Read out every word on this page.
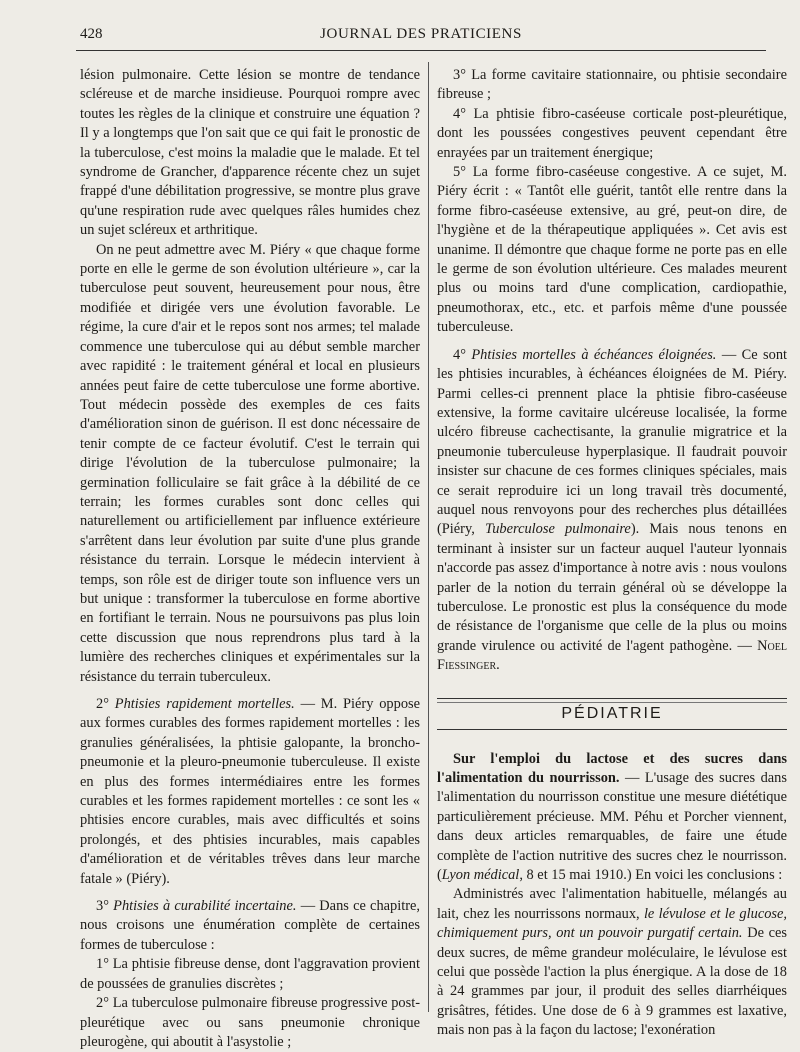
428	JOURNAL DES PRATICIENS

lésion pulmonaire. Cette lésion se montre de tendance scléreuse et de marche insidieuse. Pourquoi rompre avec toutes les règles de la clinique et construire une équation ? Il y a longtemps que l'on sait que ce qui fait le pronostic de la tuberculose, c'est moins la maladie que le malade. Et tel syndrome de Grancher, d'apparence récente chez un sujet frappé d'une débilitation progressive, se montre plus grave qu'une respiration rude avec quelques râles humides chez un sujet scléreux et arthritique.

On ne peut admettre avec M. Piéry « que chaque forme porte en elle le germe de son évolution ultérieure », car la tuberculose peut souvent, heureusement pour nous, être modifiée et dirigée vers une évolution favorable. Le régime, la cure d'air et le repos sont nos armes; tel malade commence une tuberculose qui au début semble marcher avec rapidité : le traitement général et local en plusieurs années peut faire de cette tuberculose une forme abortive. Tout médecin possède des exemples de ces faits d'amélioration sinon de guérison. Il est donc nécessaire de tenir compte de ce facteur évolutif. C'est le terrain qui dirige l'évolution de la tuberculose pulmonaire; la germination folliculaire se fait grâce à la débilité de ce terrain; les formes curables sont donc celles qui naturellement ou artificiellement par influence extérieure s'arrêtent dans leur évolution par suite d'une plus grande résistance du terrain. Lorsque le médecin intervient à temps, son rôle est de diriger toute son influence vers un but unique : transformer la tuberculose en forme abortive en fortifiant le terrain. Nous ne poursuivons pas plus loin cette discussion que nous reprendrons plus tard à la lumière des recherches cliniques et expérimentales sur la résistance du terrain tuberculeux.

2° Phtisies rapidement mortelles. — M. Piéry oppose aux formes curables des formes rapidement mortelles : les granulies généralisées, la phtisie galopante, la broncho-pneumonie et la pleuro-pneumonie tuberculeuse. Il existe en plus des formes intermédiaires entre les formes curables et les formes rapidement mortelles : ce sont les « phtisies encore curables, mais avec difficultés et soins prolongés, et des phtisies incurables, mais capables d'amélioration et de véritables trêves dans leur marche fatale » (Piéry).

3° Phtisies à curabilité incertaine. — Dans ce chapitre, nous croisons une énumération complète de certaines formes de tuberculose :

1° La phtisie fibreuse dense, dont l'aggravation provient de poussées de granulies discrètes ;

2° La tuberculose pulmonaire fibreuse progressive post-pleurétique avec ou sans pneumonie chronique pleurogène, qui aboutit à l'asystolie ;

3° La forme cavitaire stationnaire, ou phtisie secondaire fibreuse ;

4° La phtisie fibro-caséeuse corticale post-pleurétique, dont les poussées congestives peuvent cependant être enrayées par un traitement énergique;

5° La forme fibro-caséeuse congestive. A ce sujet, M. Piéry écrit : « Tantôt elle guérit, tantôt elle rentre dans la forme fibro-caséeuse extensive, au gré, peut-on dire, de l'hygiène et de la thérapeutique appliquées ». Cet avis est unanime. Il démontre que chaque forme ne porte pas en elle le germe de son évolution ultérieure. Ces malades meurent plus ou moins tard d'une complication, cardiopathie, pneumothorax, etc., etc. et parfois même d'une poussée tuberculeuse.

4° Phtisies mortelles à échéances éloignées. — Ce sont les phtisies incurables, à échéances éloignées de M. Piéry. Parmi celles-ci prennent place la phtisie fibro-caséeuse extensive, la forme cavitaire ulcéreuse localisée, la forme ulcéro fibreuse cachectisante, la granulie migratrice et la pneumonie tuberculeuse hyperplasique. Il faudrait pouvoir insister sur chacune de ces formes cliniques spéciales, mais ce serait reproduire ici un long travail très documenté, auquel nous renvoyons pour des recherches plus détaillées (Piéry, Tuberculose pulmonaire). Mais nous tenons en terminant à insister sur un facteur auquel l'auteur lyonnais n'accorde pas assez d'importance à notre avis : nous voulons parler de la notion du terrain général où se développe la tuberculose. Le pronostic est plus la conséquence du mode de résistance de l'organisme que celle de la plus ou moins grande virulence ou activité de l'agent pathogène. — Noel Fiessinger.

PÉDIATRIE

Sur l'emploi du lactose et des sucres dans l'alimentation du nourrisson. — L'usage des sucres dans l'alimentation du nourrisson constitue une mesure diététique particulièrement précieuse. MM. Péhu et Porcher viennent, dans deux articles remarquables, de faire une étude complète de l'action nutritive des sucres chez le nourrisson. (Lyon médical, 8 et 15 mai 1910.) En voici les conclusions :

Administrés avec l'alimentation habituelle, mélangés au lait, chez les nourrissons normaux, le lévulose et le glucose, chimiquement purs, ont un pouvoir purgatif certain. De ces deux sucres, de même grandeur moléculaire, le lévulose est celui que possède l'action la plus énergique. A la dose de 18 à 24 grammes par jour, il produit des selles diarrhéiques grisâtres, fétides. Une dose de 6 à 9 grammes est laxative, mais non pas à la façon du lactose; l'exonération
